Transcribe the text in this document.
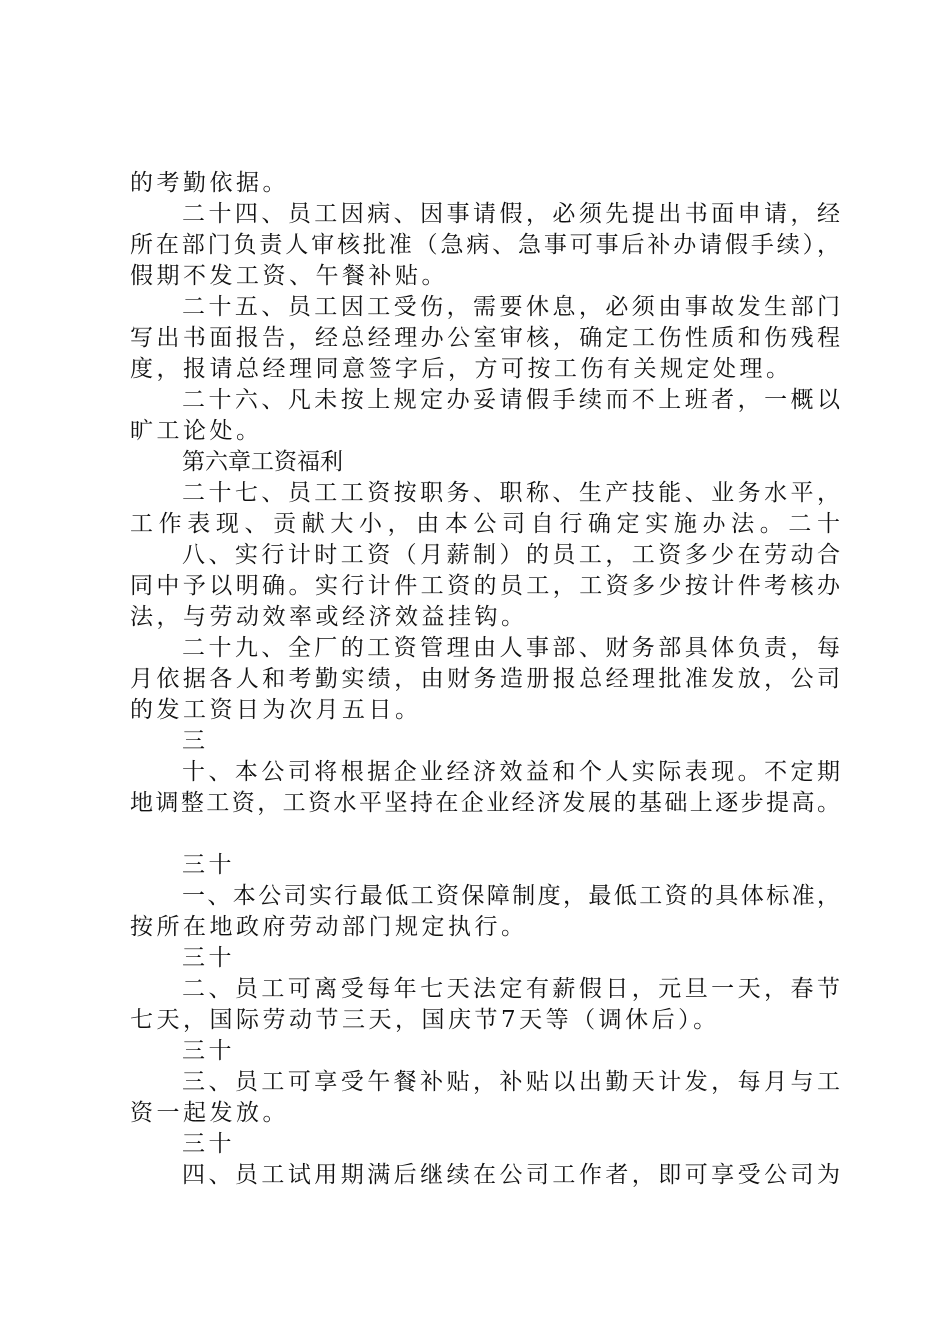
的考勤依据。
二十四、员工因病、因事请假，必须先提出书面申请，经
所在部门负责人审核批准（急病、急事可事后补办请假手续），
假期不发工资、午餐补贴。
二十五、员工因工受伤，需要休息，必须由事故发生部门
写出书面报告，经总经理办公室审核，确定工伤性质和伤残程
度，报请总经理同意签字后，方可按工伤有关规定处理。
二十六、凡未按上规定办妥请假手续而不上班者，一概以
旷工论处。
第六章工资福利
二十七、员工工资按职务、职称、生产技能、业务水平，
工作表现、贡献大小，由本公司自行确定实施办法。二十
八、实行计时工资（月薪制）的员工，工资多少在劳动合
同中予以明确。实行计件工资的员工，工资多少按计件考核办
法，与劳动效率或经济效益挂钩。
二十九、全厂的工资管理由人事部、财务部具体负责，每
月依据各人和考勤实绩，由财务造册报总经理批准发放，公司
的发工资日为次月五日。
三
十、本公司将根据企业经济效益和个人实际表现。不定期
地调整工资，工资水平坚持在企业经济发展的基础上逐步提高。
三十
一、本公司实行最低工资保障制度，最低工资的具体标准，
按所在地政府劳动部门规定执行。
三十
二、员工可离受每年七天法定有薪假日，元旦一天，春节
七天，国际劳动节三天，国庆节7天等（调休后）。
三十
三、员工可享受午餐补贴，补贴以出勤天计发，每月与工
资一起发放。
三十
四、员工试用期满后继续在公司工作者，即可享受公司为
